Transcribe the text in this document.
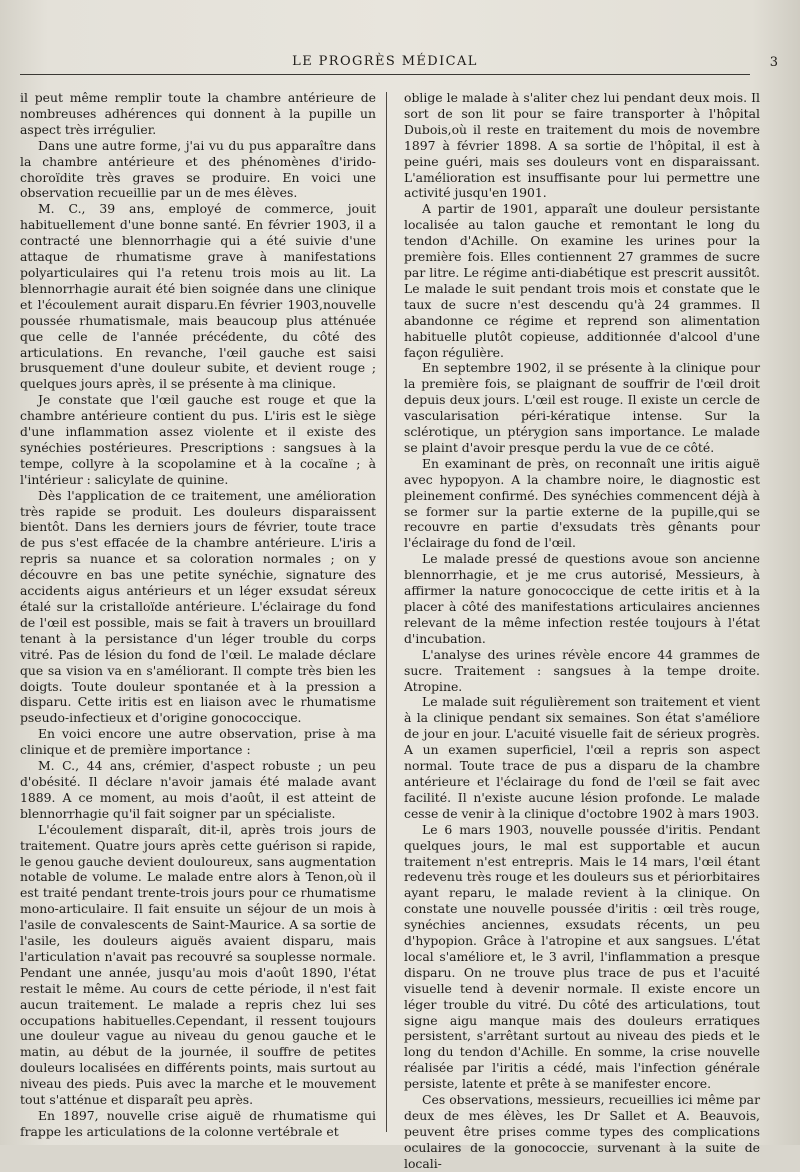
LE PROGRÈS MÉDICAL	3

il peut même remplir toute la chambre antérieure de nombreuses adhérences qui donnent à la pupille un aspect très irrégulier.

Dans une autre forme, j'ai vu du pus apparaître dans la chambre antérieure et des phénomènes d'irido-choroïdite très graves se produire. En voici une observation recueillie par un de mes élèves.

M. C., 39 ans, employé de commerce, jouit habituellement d'une bonne santé. En février 1903, il a contracté une blennorrhagie qui a été suivie d'une attaque de rhumatisme grave à manifestations polyarticulaires qui l'a retenu trois mois au lit. La blennorrhagie aurait été bien soignée dans une clinique et l'écoulement aurait disparu.En février 1903,nouvelle poussée rhumatismale, mais beaucoup plus atténuée que celle de l'année précédente, du côté des articulations. En revanche, l'œil gauche est saisi brusquement d'une douleur subite, et devient rouge ; quelques jours après, il se présente à ma clinique.

Je constate que l'œil gauche est rouge et que la chambre antérieure contient du pus. L'iris est le siège d'une inflammation assez violente et il existe des synéchies postérieures. Prescriptions : sangsues à la tempe, collyre à la scopolamine et à la cocaïne ; à l'intérieur : salicylate de quinine.

Dès l'application de ce traitement, une amélioration très rapide se produit. Les douleurs disparaissent bientôt. Dans les derniers jours de février, toute trace de pus s'est effacée de la chambre antérieure. L'iris a repris sa nuance et sa coloration normales ; on y découvre en bas une petite synéchie, signature des accidents aigus antérieurs et un léger exsudat séreux étalé sur la cristalloïde antérieure. L'éclairage du fond de l'œil est possible, mais se fait à travers un brouillard tenant à la persistance d'un léger trouble du corps vitré. Pas de lésion du fond de l'œil. Le malade déclare que sa vision va en s'améliorant. Il compte très bien les doigts. Toute douleur spontanée et à la pression a disparu. Cette iritis est en liaison avec le rhumatisme pseudo-infectieux et d'origine gonococcique.

En voici encore une autre observation, prise à ma clinique et de première importance :

M. C., 44 ans, crémier, d'aspect robuste ; un peu d'obésité. Il déclare n'avoir jamais été malade avant 1889. A ce moment, au mois d'août, il est atteint de blennorrhagie qu'il fait soigner par un spécialiste.

L'écoulement disparaît, dit-il, après trois jours de traitement. Quatre jours après cette guérison si rapide, le genou gauche devient douloureux, sans augmentation notable de volume. Le malade entre alors à Tenon,où il est traité pendant trente-trois jours pour ce rhumatisme mono-articulaire. Il fait ensuite un séjour de un mois à l'asile de convalescents de Saint-Maurice. A sa sortie de l'asile, les douleurs aiguës avaient disparu, mais l'articulation n'avait pas recouvré sa souplesse normale. Pendant une année, jusqu'au mois d'août 1890, l'état restait le même. Au cours de cette période, il n'est fait aucun traitement. Le malade a repris chez lui ses occupations habituelles.Cependant, il ressent toujours une douleur vague au niveau du genou gauche et le matin, au début de la journée, il souffre de petites douleurs localisées en différents points, mais surtout au niveau des pieds. Puis avec la marche et le mouvement tout s'atténue et disparaît peu après.

En 1897, nouvelle crise aiguë de rhumatisme qui frappe les articulations de la colonne vertébrale et

oblige le malade à s'aliter chez lui pendant deux mois. Il sort de son lit pour se faire transporter à l'hôpital Dubois,où il reste en traitement du mois de novembre 1897 à février 1898. A sa sortie de l'hôpital, il est à peine guéri, mais ses douleurs vont en disparaissant. L'amélioration est insuffisante pour lui permettre une activité jusqu'en 1901.

A partir de 1901, apparaît une douleur persistante localisée au talon gauche et remontant le long du tendon d'Achille. On examine les urines pour la première fois. Elles contiennent 27 grammes de sucre par litre. Le régime anti-diabétique est prescrit aussitôt. Le malade le suit pendant trois mois et constate que le taux de sucre n'est descendu qu'à 24 grammes. Il abandonne ce régime et reprend son alimentation habituelle plutôt copieuse, additionnée d'alcool d'une façon régulière.

En septembre 1902, il se présente à la clinique pour la première fois, se plaignant de souffrir de l'œil droit depuis deux jours. L'œil est rouge. Il existe un cercle de vascularisation péri-kératique intense. Sur la sclérotique, un ptérygion sans importance. Le malade se plaint d'avoir presque perdu la vue de ce côté.

En examinant de près, on reconnaît une iritis aiguë avec hypopyon. A la chambre noire, le diagnostic est pleinement confirmé. Des synéchies commencent déjà à se former sur la partie externe de la pupille,qui se recouvre en partie d'exsudats très gênants pour l'éclairage du fond de l'œil.

Le malade pressé de questions avoue son ancienne blennorrhagie, et je me crus autorisé, Messieurs, à affirmer la nature gonococcique de cette iritis et à la placer à côté des manifestations articulaires anciennes relevant de la même infection restée toujours à l'état d'incubation.

L'analyse des urines révèle encore 44 grammes de sucre. Traitement : sangsues à la tempe droite. Atropine.

Le malade suit régulièrement son traitement et vient à la clinique pendant six semaines. Son état s'améliore de jour en jour. L'acuité visuelle fait de sérieux progrès. A un examen superficiel, l'œil a repris son aspect normal. Toute trace de pus a disparu de la chambre antérieure et l'éclairage du fond de l'œil se fait avec facilité. Il n'existe aucune lésion profonde. Le malade cesse de venir à la clinique d'octobre 1902 à mars 1903.

Le 6 mars 1903, nouvelle poussée d'iritis. Pendant quelques jours, le mal est supportable et aucun traitement n'est entrepris. Mais le 14 mars, l'œil étant redevenu très rouge et les douleurs sus et périorbitaires ayant reparu, le malade revient à la clinique. On constate une nouvelle poussée d'iritis : œil très rouge, synéchies anciennes, exsudats récents, un peu d'hypopion. Grâce à l'atropine et aux sangsues. L'état local s'améliore et, le 3 avril, l'inflammation a presque disparu. On ne trouve plus trace de pus et l'acuité visuelle tend à devenir normale. Il existe encore un léger trouble du vitré. Du côté des articulations, tout signe aigu manque mais des douleurs erratiques persistent, s'arrêtant surtout au niveau des pieds et le long du tendon d'Achille. En somme, la crise nouvelle réalisée par l'iritis a cédé, mais l'infection générale persiste, latente et prête à se manifester encore.

Ces observations, messieurs, recueillies ici même par deux de mes élèves, les Dr Sallet et A. Beauvois, peuvent être prises comme types des complications oculaires de la gonococcie, survenant à la suite de locali-
